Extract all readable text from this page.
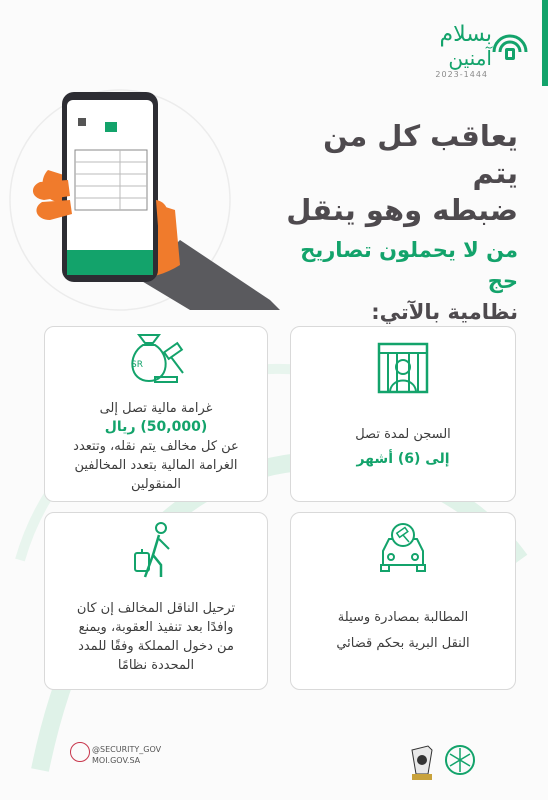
بسلام
آمنين
2023-1444
يعاقب كل من يتم
ضبطه وهو ينقل
من لا يحملون تصاريح حج
نظامية بالآتي:
SR
غرامة مالية تصل إلى
(50,000) ريال
عن كل مخالف يتم نقله، وتتعدد
الغرامة المالية بتعدد المخالفين
المنقولين
السجن لمدة تصل
إلى (6) أشهر
ترحيل الناقل المخالف إن كان
وافدًا بعد تنفيذ العقوبة، ويمنع
من دخول المملكة وفقًا للمدد
المحددة نظامًا
المطالبة بمصادرة وسيلة
النقل البرية بحكم قضائي
@SECURITY_GOV
MOI.GOV.SA
